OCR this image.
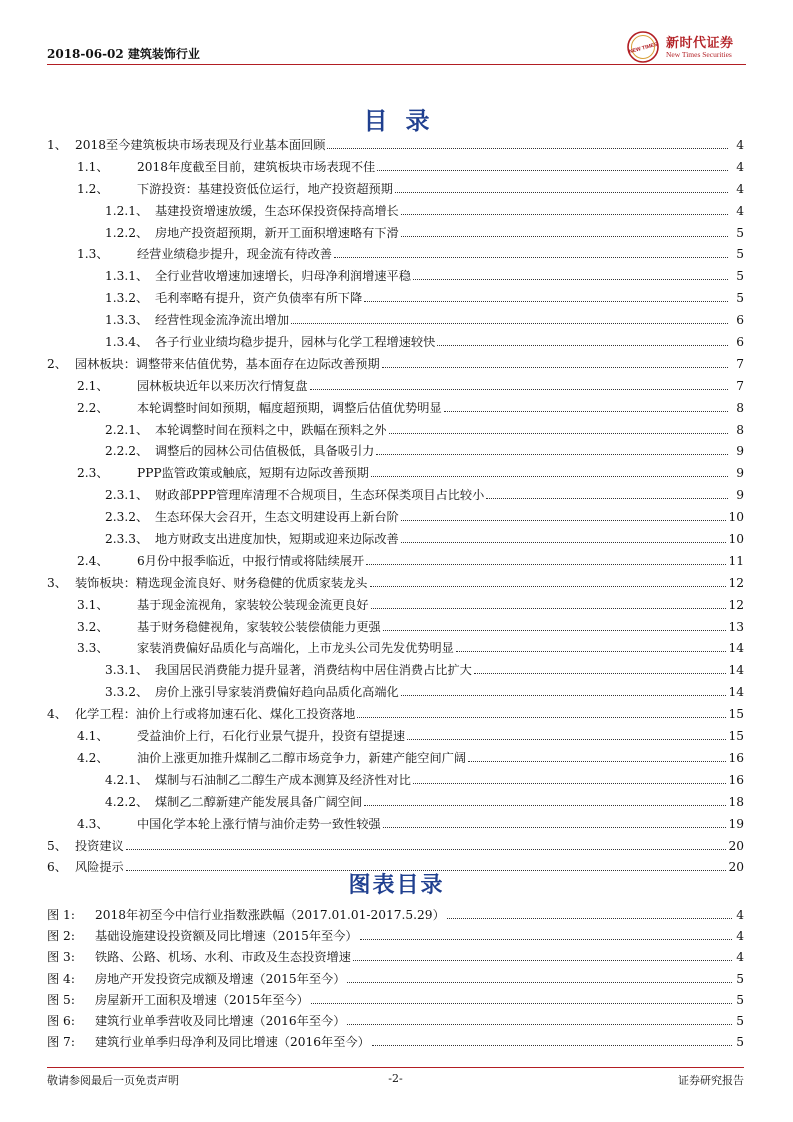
2018-06-02 建筑装饰行业	NEW TIMES 新时代证券
New Times Securities
目录
1、 2018至今建筑板块市场表现及行业基本面回顾	4
1.1、	2018年度截至目前，建筑板块市场表现不佳	4
1.2、	下游投资：基建投资低位运行，地产投资超预期	4
1.2.1、 基建投资增速放缓，生态环保投资保持高增长	4
1.2.2、 房地产投资超预期，新开工面积增速略有下滑	5
1.3、	经营业绩稳步提升，现金流有待改善	5
1.3.1、 全行业营收增速加速增长，归母净利润增速平稳	5
1.3.2、 毛利率略有提升，资产负债率有所下降	5
1.3.3、 经营性现金流净流出增加	6
1.3.4、 各子行业业绩均稳步提升，园林与化学工程增速较快	6
2、 园林板块：调整带来估值优势，基本面存在边际改善预期	7
2.1、	园林板块近年以来历次行情复盘	7
2.2、	本轮调整时间如预期，幅度超预期，调整后估值优势明显	8
2.2.1、 本轮调整时间在预料之中，跌幅在预料之外	8
2.2.2、 调整后的园林公司估值极低，具备吸引力	9
2.3、	PPP监管政策或触底，短期有边际改善预期	9
2.3.1、 财政部PPP管理库清理不合规项目，生态环保类项目占比较小	9
2.3.2、 生态环保大会召开，生态文明建设再上新台阶	10
2.3.3、 地方财政支出进度加快，短期或迎来边际改善	10
2.4、	6月份中报季临近，中报行情或将陆续展开	11
3、 装饰板块：精选现金流良好、财务稳健的优质家装龙头	12
3.1、	基于现金流视角，家装较公装现金流更良好	12
3.2、	基于财务稳健视角，家装较公装偿债能力更强	13
3.3、	家装消费偏好品质化与高端化，上市龙头公司先发优势明显	14
3.3.1、 我国居民消费能力提升显著，消费结构中居住消费占比扩大	14
3.3.2、 房价上涨引导家装消费偏好趋向品质化高端化	14
4、 化学工程：油价上行或将加速石化、煤化工投资落地	15
4.1、	受益油价上行，石化行业景气提升，投资有望提速	15
4.2、	油价上涨更加推升煤制乙二醇市场竞争力，新建产能空间广阔	16
4.2.1、 煤制与石油制乙二醇生产成本测算及经济性对比	16
4.2.2、 煤制乙二醇新建产能发展具备广阔空间	18
4.3、	中国化学本轮上涨行情与油价走势一致性较强	19
5、 投资建议	20
6、 风险提示	20
图表目录
图 1:	2018年初至今中信行业指数涨跌幅（2017.01.01-2017.5.29）	4
图 2:	基础设施建设投资额及同比增速（2015年至今）	4
图 3:	铁路、公路、机场、水利、市政及生态投资增速	4
图 4:	房地产开发投资完成额及增速（2015年至今）	5
图 5:	房屋新开工面积及增速（2015年至今）	5
图 6:	建筑行业单季营收及同比增速（2016年至今）	5
图 7:	建筑行业单季归母净利及同比增速（2016年至今）	5
敬请参阅最后一页免责声明	-2-	证券研究报告
